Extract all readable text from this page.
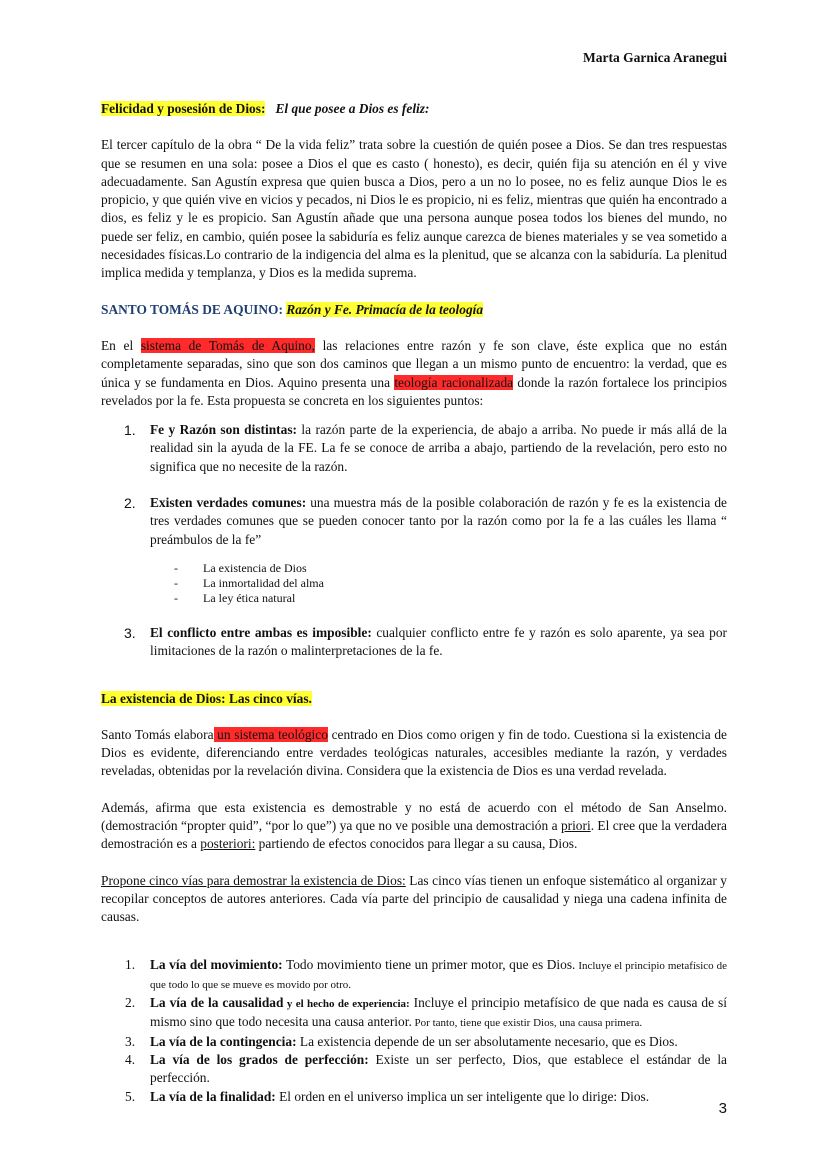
Marta Garnica Aranegui

Felicidad y posesión de Dios: El que posee a Dios es feliz:

El tercer capítulo de la obra “ De la vida feliz” trata sobre la cuestión de quién posee a Dios. Se dan tres respuestas que se resumen en una sola: posee a Dios el que es casto ( honesto), es decir, quién fija su atención en él y vive adecuadamente. San Agustín expresa que quien busca a Dios, pero a un no lo posee, no es feliz aunque Dios le es propicio, y que quién vive en vicios y pecados, ni Dios le es propicio, ni es feliz, mientras que quién ha encontrado a dios, es feliz y le es propicio. San Agustín añade que una persona aunque posea todos los bienes del mundo, no puede ser feliz, en cambio, quién posee la sabiduría es feliz aunque carezca de bienes materiales y se vea sometido a necesidades físicas.Lo contrario de la indigencia del alma es la plenitud, que se alcanza con la sabiduría. La plenitud implica medida y templanza, y Dios es la medida suprema.

SANTO TOMÁS DE AQUINO: Razón y Fe. Primacía de la teología

En el sistema de Tomás de Aquino, las relaciones entre razón y fe son clave, éste explica que no están completamente separadas, sino que son dos caminos que llegan a un mismo punto de encuentro: la verdad, que es única y se fundamenta en Dios. Aquino presenta una teología racionalizada donde la razón fortalece los principios revelados por la fe. Esta propuesta se concreta en los siguientes puntos:

1. Fe y Razón son distintas: la razón parte de la experiencia, de abajo a arriba. No puede ir más allá de la realidad sin la ayuda de la FE. La fe se conoce de arriba a abajo, partiendo de la revelación, pero esto no significa que no necesite de la razón.
2. Existen verdades comunes: una muestra más de la posible colaboración de razón y fe es la existencia de tres verdades comunes que se pueden conocer tanto por la razón como por la fe a las cuáles les llama “ preámbulos de la fe”
- La existencia de Dios
- La inmortalidad del alma
- La ley ética natural
3. El conflicto entre ambas es imposible: cualquier conflicto entre fe y razón es solo aparente, ya sea por limitaciones de la razón o malinterpretaciones de la fe.

La existencia de Dios: Las cinco vías.

Santo Tomás elabora un sistema teológico centrado en Dios como origen y fin de todo. Cuestiona si la existencia de Dios es evidente, diferenciando entre verdades teológicas naturales, accesibles mediante la razón, y verdades reveladas, obtenidas por la revelación divina. Considera que la existencia de Dios es una verdad revelada.

Además, afirma que esta existencia es demostrable y no está de acuerdo con el método de San Anselmo. (demostración “propter quid”, “por lo que”) ya que no ve posible una demostración a priori. El cree que la verdadera demostración es a posteriori: partiendo de efectos conocidos para llegar a su causa, Dios.

Propone cinco vías para demostrar la existencia de Dios: Las cinco vías tienen un enfoque sistemático al organizar y recopilar conceptos de autores anteriores. Cada vía parte del principio de causalidad y niega una cadena infinita de causas.

1. La vía del movimiento: Todo movimiento tiene un primer motor, que es Dios. Incluye el principio metafísico de que todo lo que se mueve es movido por otro.
2. La vía de la causalidad y el hecho de experiencia: Incluye el principio metafísico de que nada es causa de sí mismo sino que todo necesita una causa anterior. Por tanto, tiene que existir Dios, una causa primera.
3. La vía de la contingencia: La existencia depende de un ser absolutamente necesario, que es Dios.
4. La vía de los grados de perfección: Existe un ser perfecto, Dios, que establece el estándar de la perfección.
5. La vía de la finalidad: El orden en el universo implica un ser inteligente que lo dirige: Dios.
3
